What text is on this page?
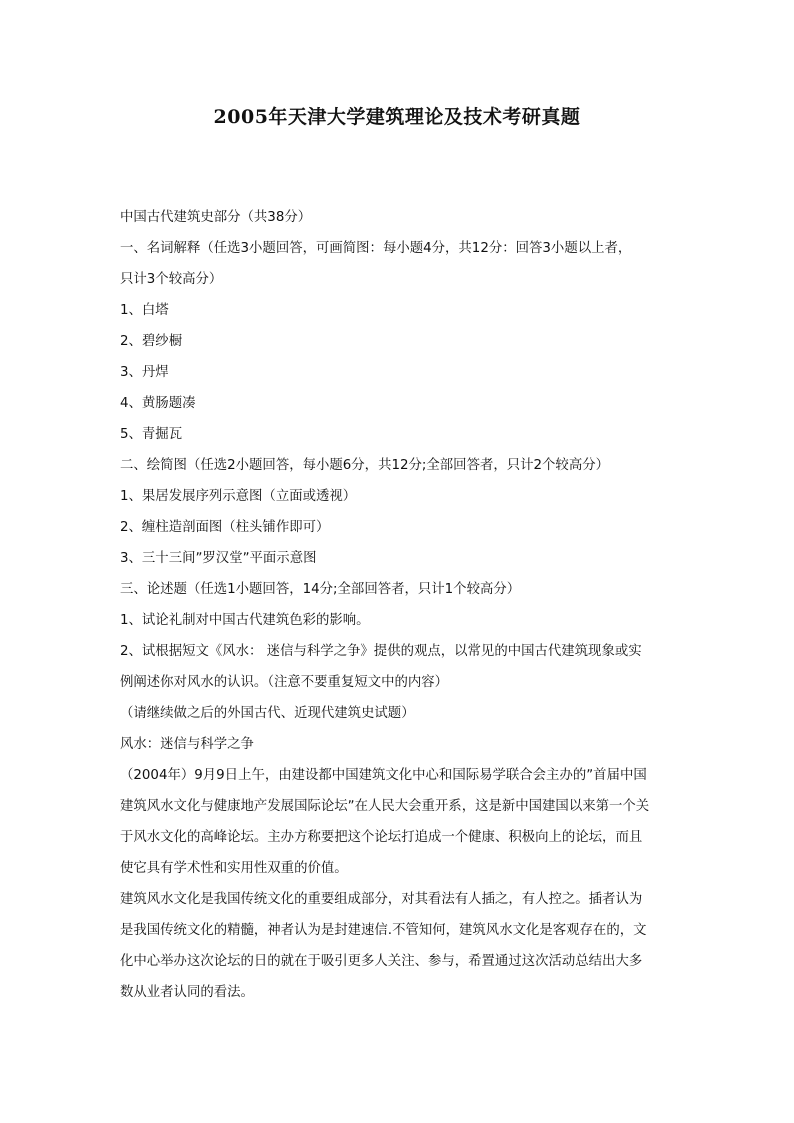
2005年天津大学建筑理论及技术考研真题
中国古代建筑史部分（共38分）
一、名词解释（任选3小题回答，可画简图：每小题4分，共12分：回答3小题以上者，
只计3个较高分）
1、白塔
2、碧纱橱
3、丹焊
4、黄肠题凑
5、青掘瓦
二、绘简图（任选2小题回答，每小题6分，共12分;全部回答者，只计2个较高分）
1、果居发展序列示意图（立面或透视）
2、缠柱造剖面图（柱头铺作即可）
3、三十三间ˮ罗汉堂ˮ平面示意图
三、论述题（任选1小题回答，14分;全部回答者，只计1个较高分）
1、试论礼制对中国古代建筑色彩的影响。
2、试根据短文《风水： 迷信与科学之争》提供的观点，以常见的中国古代建筑现象或实
例阐述你对风水的认识。（注意不要重复短文中的内容）
（请继续做之后的外国古代、近现代建筑史试题）
风水：迷信与科学之争
（2004年）9月9日上午，由建设都中国建筑文化中心和国际易学联合会主办的ˮ首届中国
建筑风水文化与健康地产发展国际论坛ˮ在人民大会重开系，这是新中国建国以来第一个关
于风水文化的高峰论坛。主办方称要把这个论坛打追成一个健康、积极向上的论坛，而且
使它具有学术性和实用性双重的价值。
建筑风水文化是我国传统文化的重要组成部分，对其看法有人插之，有人控之。插者认为
是我国传统文化的精髓，神者认为是封建速信.不管知何，建筑风水文化是客观存在的，文
化中心举办这次论坛的日的就在于吸引更多人关注、参与，希置通过这次活动总结出大多
数从业者认同的看法。
